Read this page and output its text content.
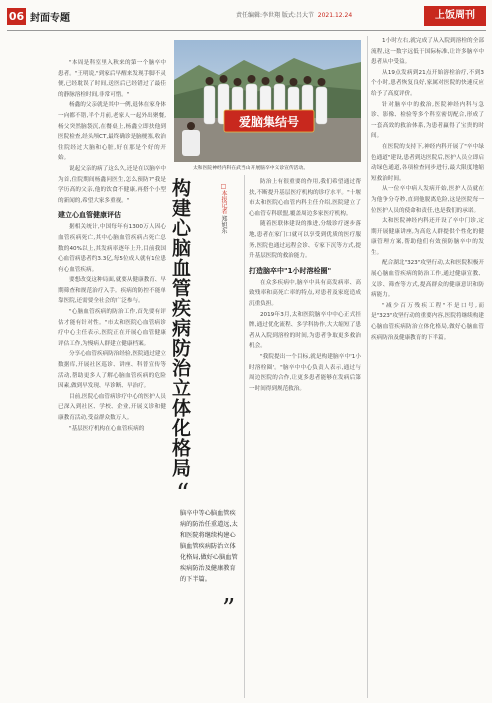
06 封面专题	责任编辑:李世翔 版式:吕大节 2021.12.24	上饭周刊

"本周是科室里入秋来的第一个脑卒中患者。"王明说,"到家后早醒来发现手脚不灵便,已经耽误了时间,送医后已经错过了最佳的静脉溶栓时间,非常可惜。"

杨鑫的父亲就是其中一例,退休在家身体一向都不错,半个月前,老家人一起外出聚餐,杨父突然脑袋沉,在餐桌上,杨鑫立即扶他到医院检查,经头颅CT,最终确诊是脑梗塞,收治住院经过大脑和心脏,好在那是个好的开始。

说起父亲的病了这么久,还是在以脑卒中为首,住院期间杨鑫问医生,怎么预防?"我是学历高的父亲,他的饮食不健康,再搭个小型的新闻的,希望大家多重视。"

建立心血管健康评估

据相关统计,中国每年有1300万人因心血管疾病死亡,其中心脑血管疾病占死亡总数的40%以上,其发病率逐年上升,目前我国心血管病患者约3.3亿,每5位成人就有1位患有心血管疾病。

要想改变这种局面,就要从健康教育、早期筛查和规范治疗入手。疾病的防控不能单靠医院,还需要全社会的广泛参与。

"心脑血管疾病的防治工作,首先要有评估才能有针对性。"市太和医院心血管病诊疗中心主任表示,医院正在开展心血管健康评估工作,为慢病人群建立健康档案。

分享心血管疾病防治经验,医院通过建立数据库,开展社区巡诊、讲座、科普宣传等活动,帮助更多人了解心脑血管疾病的危险因素,做到早发现、早诊断、早治疗。

目前,医院心血管病诊疗中心的医护人员已深入到社区、学校、企业,开展义诊和健康教育活动,受益群众数万人。

"基层医疗机构在心血管疾病的

爱脑集结号
太和医院神经内科在武当山开展脑卒中义诊宣传活动。
构建心脑血管疾病防治立体化格局	□本报记者 郑旭东
“
脑卒中等心脑血管疾病的防治任重道远,太和医院将继续构建心脑血管疾病防治立体化格局,做好心脑血管疾病防治及健康教育的下半篇。
”

防治上有很重要的作用,我们希望通过帮扶,不断提升基层医疗机构的诊疗水平。"十堰市太和医院心血管内科主任介绍,医院建立了心血管专科联盟,覆盖周边多家医疗机构。

随着医联体建设的推进,分级诊疗逐步落地,患者在家门口就可以享受到优质的医疗服务,医院也通过远程会诊、专家下沉等方式,提升基层医院的救治能力。

打造脑卒中"1小时溶栓圈"

在众多疾病中,脑卒中具有高发病率、高致残率和高死亡率的特点,对患者及家庭造成沉重负担。

2019年3月,太和医院脑卒中中心正式挂牌,通过优化流程、多学科协作,大大缩短了患者从入院到溶栓的时间,为患者争取更多救治机会。

"我院提出一个目标,就是构建脑卒中'1小时溶栓圈'。"脑卒中中心负责人表示,通过与周边医院的合作,让更多患者能够在发病后第一时间得到规范救治。

1小时左右,就完成了从入院到溶栓的全部流程,这一数字远低于国际标准,让许多脑卒中患者从中受益。

从19点发病到21点开始溶栓治疗,不到3个小时,患者恢复良好,家属对医院的快速反应给予了高度评价。

针对脑卒中的救治,医院神经内科与急诊、影像、检验等多个科室密切配合,形成了一套高效的救治体系,为患者赢得了宝贵的时间。

在医院的支持下,神经内科开展了"卒中绿色通道"建设,患者到达医院后,医护人员立即启动绿色通道,各项检查同步进行,最大限度地缩短救治时间。

从一位卒中病人发病开始,医护人员就在为他争分夺秒,直到他脱离危险,这是医院每一位医护人员的使命和责任,也是我们的承诺。

太和医院神经内科还开设了卒中门诊,定期开展健康讲座,为高危人群提供个性化的健康管理方案,帮助他们有效预防脑卒中的发生。

配合湖北"323"攻坚行动,太和医院积极开展心脑血管疾病的防治工作,通过健康宣教、义诊、筛查等方式,提高群众的健康意识和防病能力。

"减少百万残疾工程"不是口号,而是"323"攻坚行动的重要内容,医院将继续构建心脑血管疾病防治立体化格局,做好心脑血管疾病防治及健康教育的下半篇。
